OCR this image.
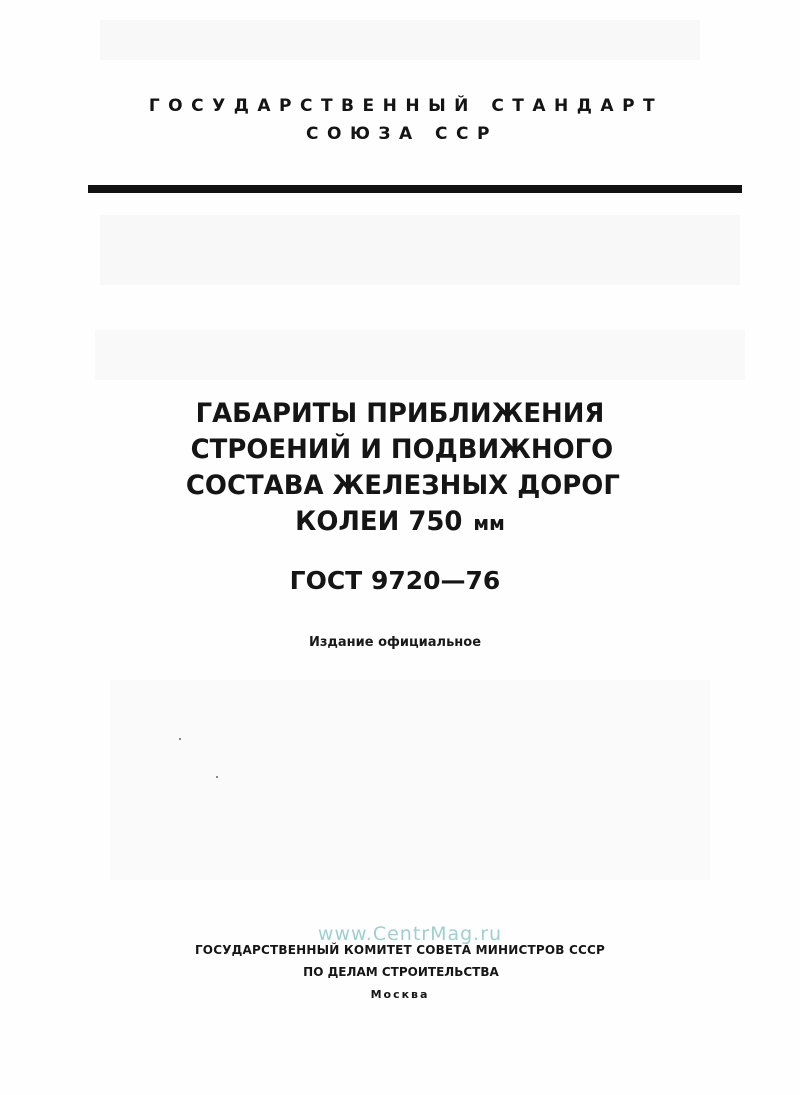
ГОСУДАРСТВЕННЫЙ СТАНДАРТ
СОЮЗА ССР
ГАБАРИТЫ ПРИБЛИЖЕНИЯ
СТРОЕНИЙ И ПОДВИЖНОГО
СОСТАВА ЖЕЛЕЗНЫХ ДОРОГ
КОЛЕИ 750 мм
ГОСТ 9720—76
Издание официальное
www.CentrMag.ru
ГОСУДАРСТВЕННЫЙ КОМИТЕТ СОВЕТА МИНИСТРОВ СССР
ПО ДЕЛАМ СТРОИТЕЛЬСТВА
Москва
